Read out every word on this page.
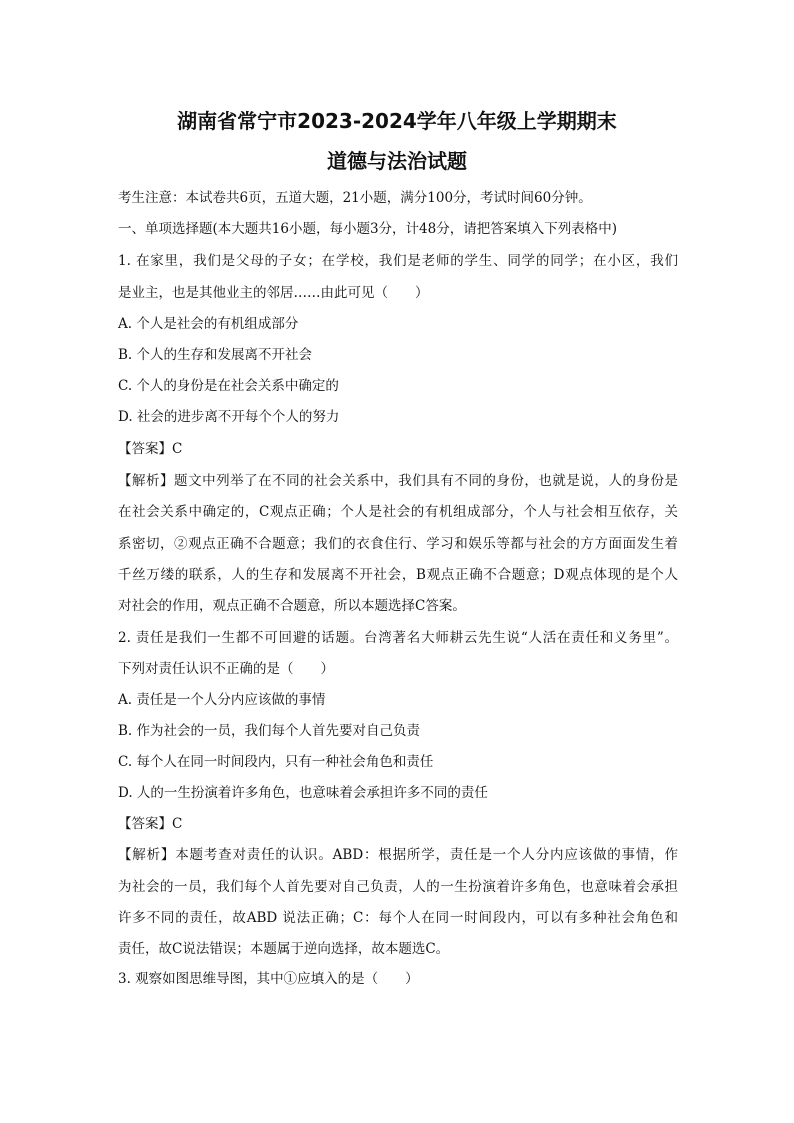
湖南省常宁市2023-2024学年八年级上学期期末
道德与法治试题
考生注意：本试卷共6页，五道大题，21小题，满分100分，考试时间60分钟。
一、单项选择题(本大题共16小题，每小题3分，计48分，请把答案填入下列表格中)
1. 在家里，我们是父母的子女；在学校，我们是老师的学生、同学的同学；在小区，我们
是业主，也是其他业主的邻居……由此可见（　　）
A. 个人是社会的有机组成部分
B. 个人的生存和发展离不开社会
C. 个人的身份是在社会关系中确定的
D. 社会的进步离不开每个个人的努力
【答案】C
【解析】题文中列举了在不同的社会关系中，我们具有不同的身份，也就是说，人的身份是
在社会关系中确定的，C观点正确；个人是社会的有机组成部分，个人与社会相互依存，关
系密切，②观点正确不合题意；我们的衣食住行、学习和娱乐等都与社会的方方面面发生着
千丝万缕的联系，人的生存和发展离不开社会，B观点正确不合题意；D观点体现的是个人
对社会的作用，观点正确不合题意，所以本题选择C答案。
2. 责任是我们一生都不可回避的话题。台湾著名大师耕云先生说“人活在责任和义务里”。
下列对责任认识不正确的是（　　）
A. 责任是一个人分内应该做的事情
B. 作为社会的一员，我们每个人首先要对自己负责
C. 每个人在同一时间段内，只有一种社会角色和责任
D. 人的一生扮演着许多角色，也意味着会承担许多不同的责任
【答案】C
【解析】本题考查对责任的认识。ABD：根据所学，责任是一个人分内应该做的事情，作
为社会的一员，我们每个人首先要对自己负责，人的一生扮演着许多角色，也意味着会承担
许多不同的责任，故ABD 说法正确；C：每个人在同一时间段内，可以有多种社会角色和
责任，故C说法错误；本题属于逆向选择，故本题选C。
3. 观察如图思维导图，其中①应填入的是（　　）
